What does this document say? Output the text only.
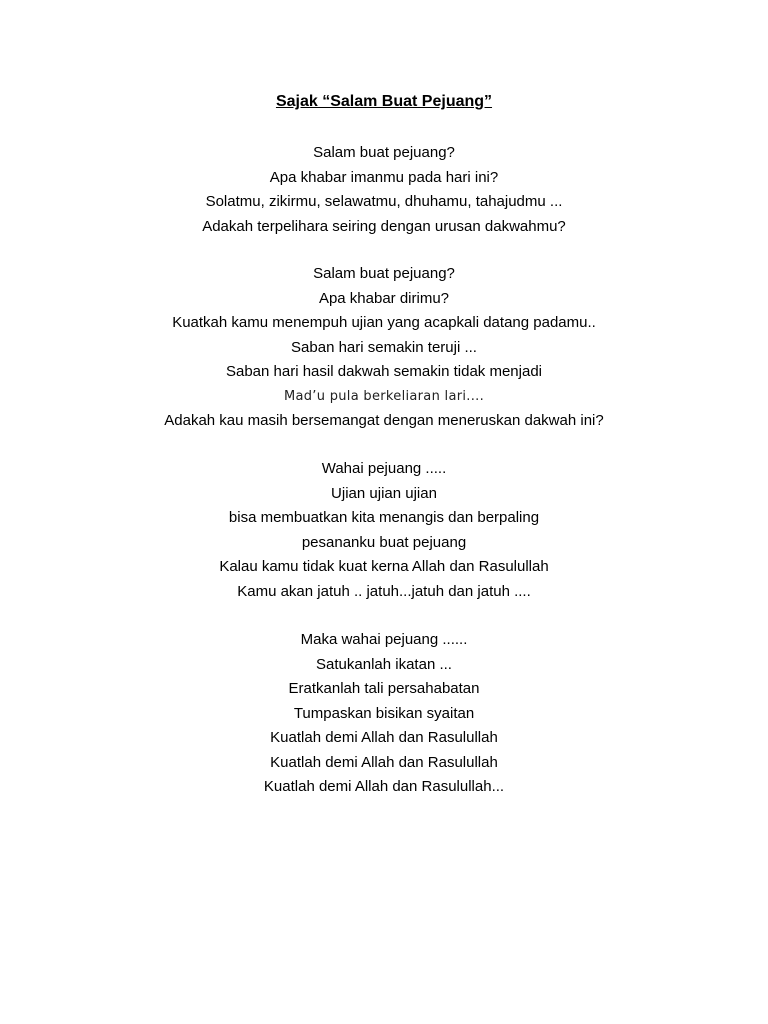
Sajak “Salam Buat Pejuang”
Salam buat pejuang?
Apa khabar imanmu pada hari ini?
Solatmu, zikirmu, selawatmu, dhuhamu, tahajudmu ...
Adakah terpelihara seiring dengan urusan dakwahmu?
Salam buat pejuang?
Apa khabar dirimu?
Kuatkah kamu menempuh ujian yang acapkali datang padamu..
Saban hari semakin teruji ...
Saban hari hasil dakwah semakin tidak menjadi
Mad’u pula berkeliaran lari....
Adakah kau masih bersemangat dengan meneruskan dakwah ini?
Wahai pejuang .....
Ujian ujian ujian
bisa membuatkan kita menangis dan berpaling
pesananku buat pejuang
Kalau kamu tidak kuat kerna Allah dan Rasulullah
Kamu akan jatuh .. jatuh...jatuh dan jatuh ....
Maka wahai pejuang ......
Satukanlah ikatan ...
Eratkanlah tali persahabatan
Tumpaskan bisikan syaitan
Kuatlah demi Allah dan Rasulullah
Kuatlah demi Allah dan Rasulullah
Kuatlah demi Allah dan Rasulullah...
